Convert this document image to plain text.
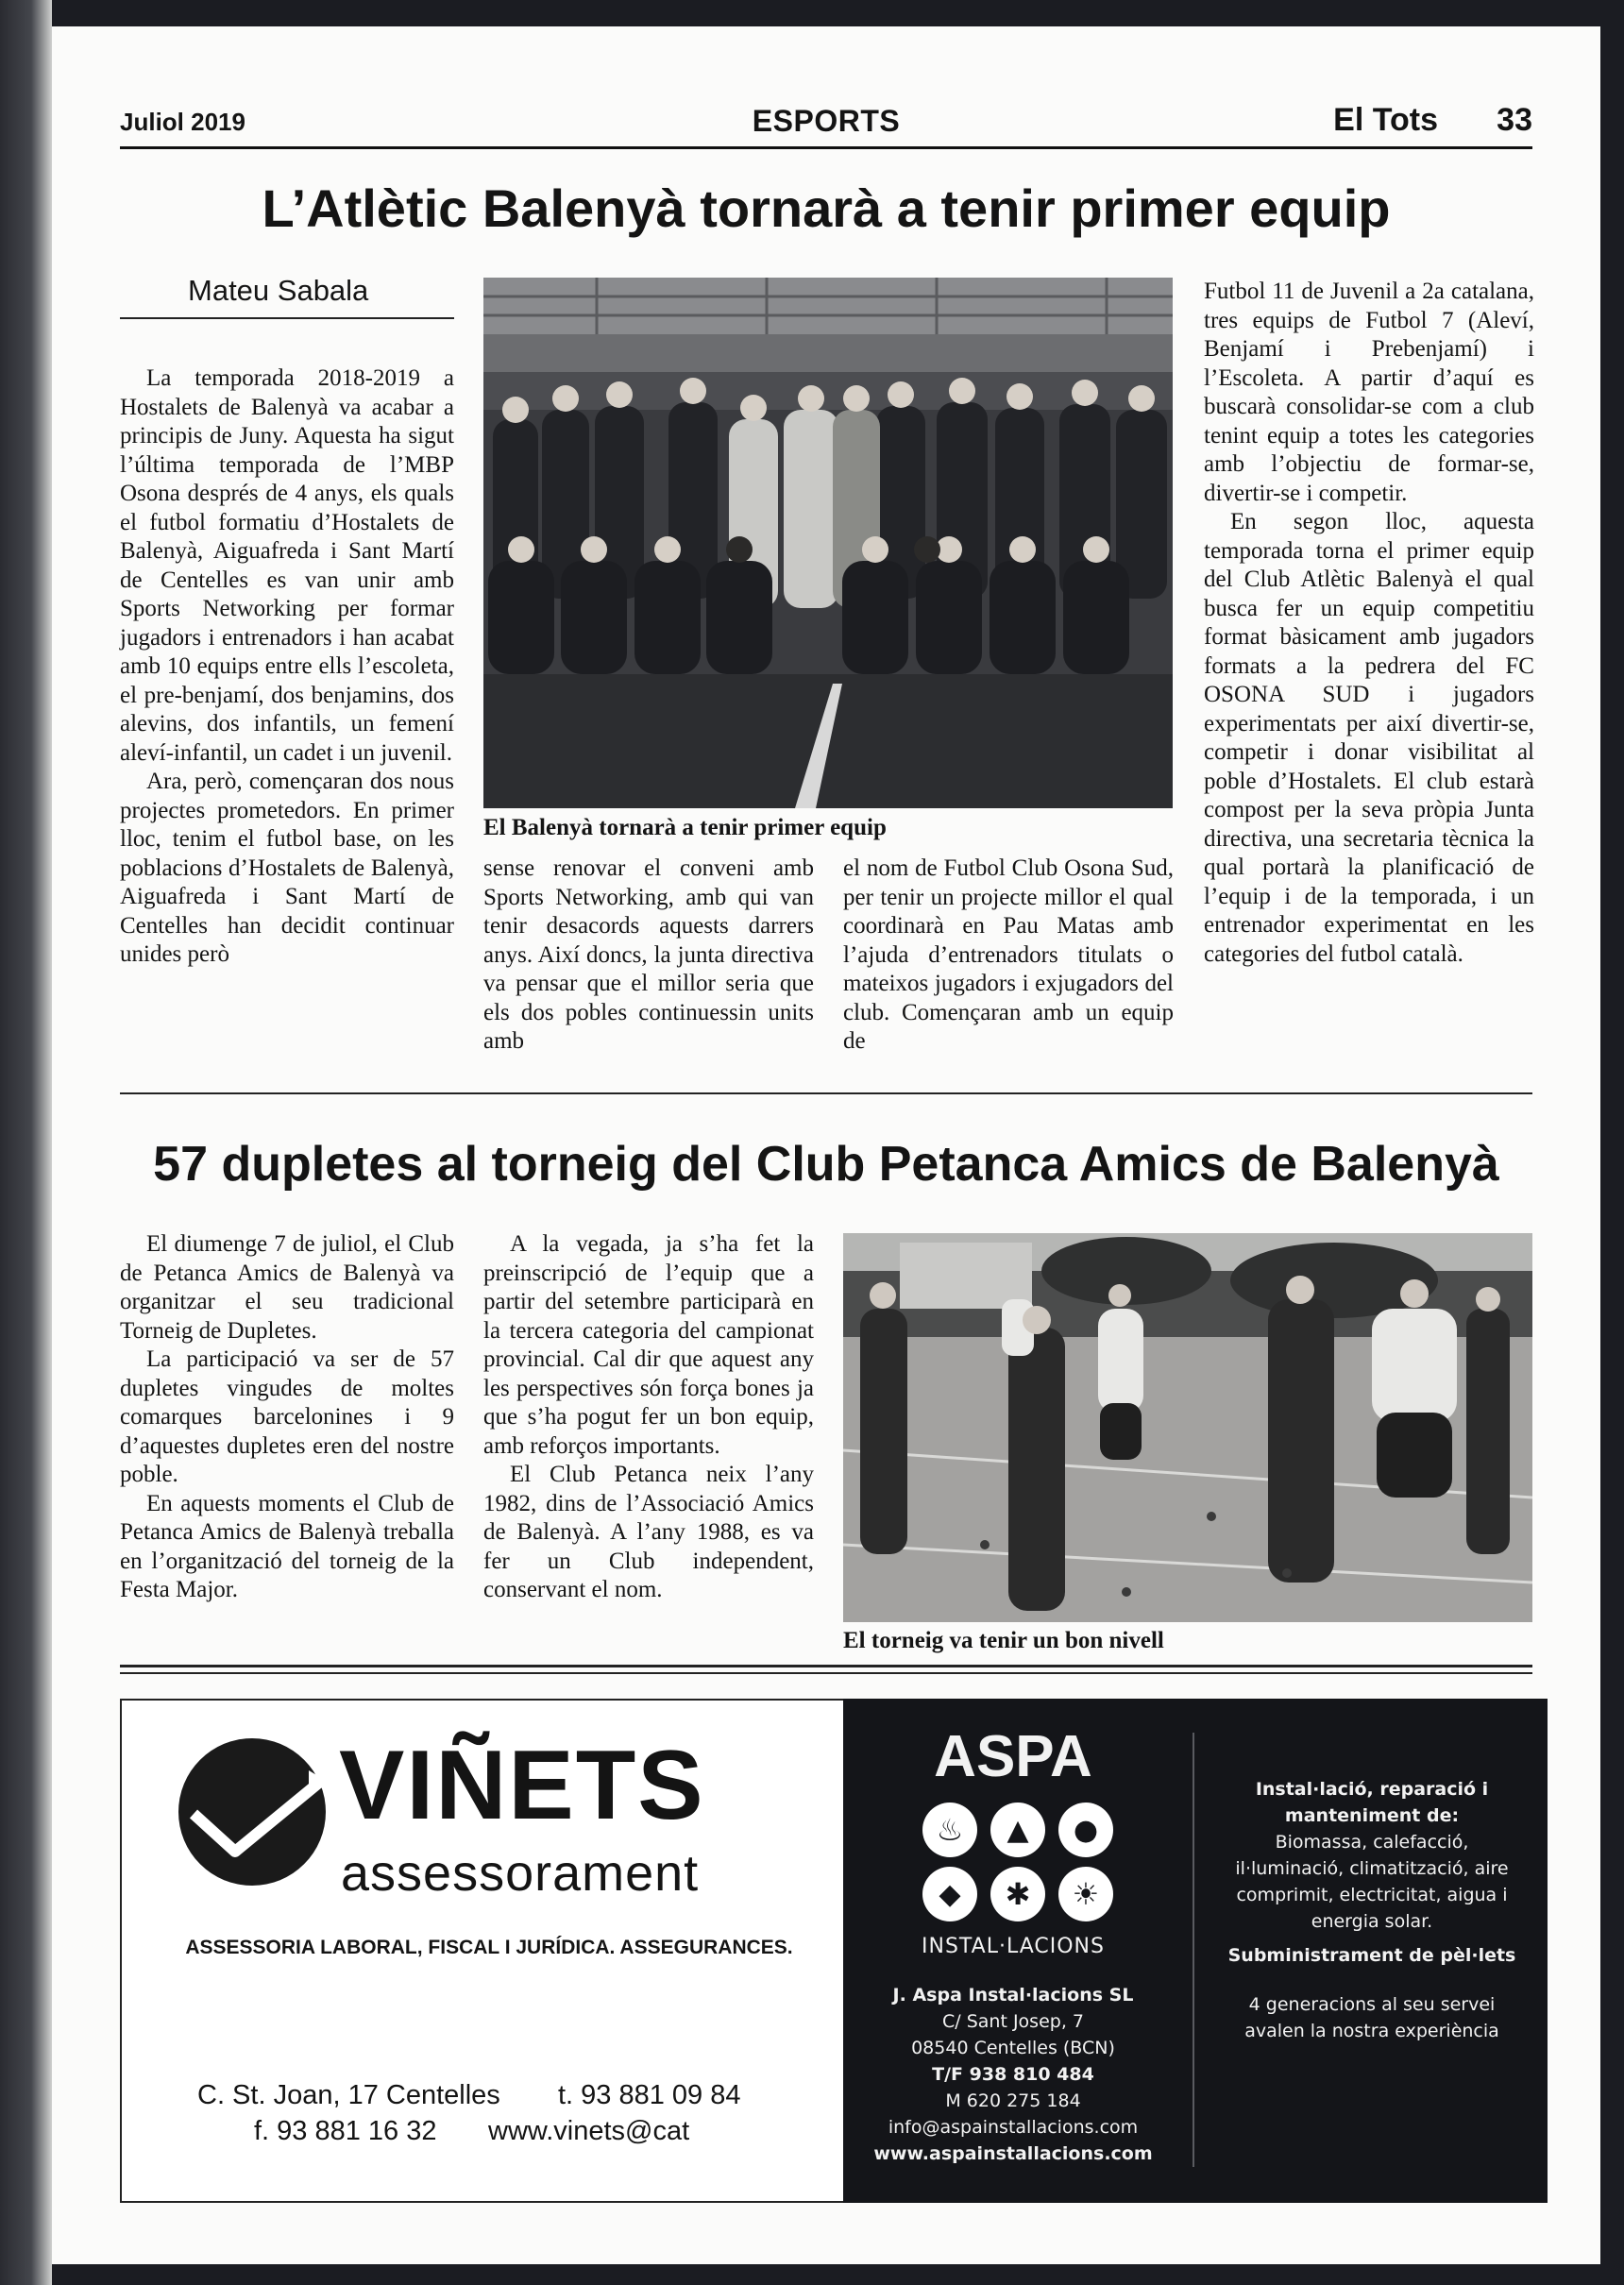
Juliol 2019	ESPORTS	El Tots 33
L’Atlètic Balenyà tornarà a tenir primer equip
Mateu Sabala

La temporada 2018-2019 a Hostalets de Balenyà va acabar a principis de Juny. Aquesta ha sigut l’última temporada de l’MBP Osona després de 4 anys, els quals el futbol formatiu d’Hostalets de Balenyà, Aiguafreda i Sant Martí de Centelles es van unir amb Sports Networking per formar jugadors i entrenadors i han acabat amb 10 equips entre ells l’escoleta, el pre-benjamí, dos benjamins, dos alevins, dos infantils, un femení aleví-infantil, un cadet i un juvenil.

Ara, però, començaran dos nous projectes prometedors. En primer lloc, tenim el futbol base, on les poblacions d’Hostalets de Balenyà, Aiguafreda i Sant Martí de Centelles han decidit continuar unides però

El Balenyà tornarà a tenir primer equip

sense renovar el conveni amb Sports Networking, amb qui van tenir desacords aquests darrers anys. Així doncs, la junta directiva va pensar que el millor seria que els dos pobles continuessin units amb

el nom de Futbol Club Osona Sud, per tenir un projecte millor el qual coordinarà en Pau Matas amb l’ajuda d’entrenadors titulats o mateixos jugadors i exjugadors del club. Començaran amb un equip de

Futbol 11 de Juvenil a 2a catalana, tres equips de Futbol 7 (Aleví, Benjamí i Prebenjamí) i l’Escoleta. A partir d’aquí es buscarà consolidar-se com a club tenint equip a totes les categories amb l’objectiu de formar-se, divertir-se i competir.

En segon lloc, aquesta temporada torna el primer equip del Club Atlètic Balenyà el qual busca fer un equip competitiu format bàsicament amb jugadors formats a la pedrera del FC OSONA SUD i jugadors experimentats per així divertir-se, competir i donar visibilitat al poble d’Hostalets. El club estarà compost per la seva pròpia Junta directiva, una secretaria tècnica la qual portarà la planificació de l’equip i de la temporada, i un entrenador experimentat en les categories del futbol català.

57 dupletes al torneig del Club Petanca Amics de Balenyà

El diumenge 7 de juliol, el Club de Petanca Amics de Balenyà va organitzar el seu tradicional Torneig de Dupletes.

La participació va ser de 57 dupletes vingudes de moltes comarques barcelonines i 9 d’aquestes dupletes eren del nostre poble.

En aquests moments el Club de Petanca Amics de Balenyà treballa en l’organització del torneig de la Festa Major.

A la vegada, ja s’ha fet la preinscripció de l’equip que a partir del setembre participarà en la tercera categoria del campionat provincial. Cal dir que aquest any les perspectives són força bones ja que s’ha pogut fer un bon equip, amb reforços importants.

El Club Petanca neix l’any 1982, dins de l’Associació Amics de Balenyà. A l’any 1988, es va fer un Club independent, conservant el nom.

El torneig va tenir un bon nivell
VIÑETS
assessorament
ASSESSORIA LABORAL, FISCAL I JURÍDICA. ASSEGURANCES.
C. St. Joan, 17 Centelles t. 93 881 09 84
f. 93 881 16 32 www.vinets@cat
ASPA
♨	▲	●
◆	✱	☀
INSTAL·LACIONS
J. Aspa Instal·lacions SL
C/ Sant Josep, 7
08540 Centelles (BCN)
T/F 938 810 484
M 620 275 184
info@aspainstallacions.com
www.aspainstallacions.com
Instal·lació, reparació i manteniment de:
Biomassa, calefacció, il·luminació, climatització, aire comprimit, electricitat, aigua i energia solar.
Subministrament de pèl·lets
4 generacions al seu servei avalen la nostra experiència
